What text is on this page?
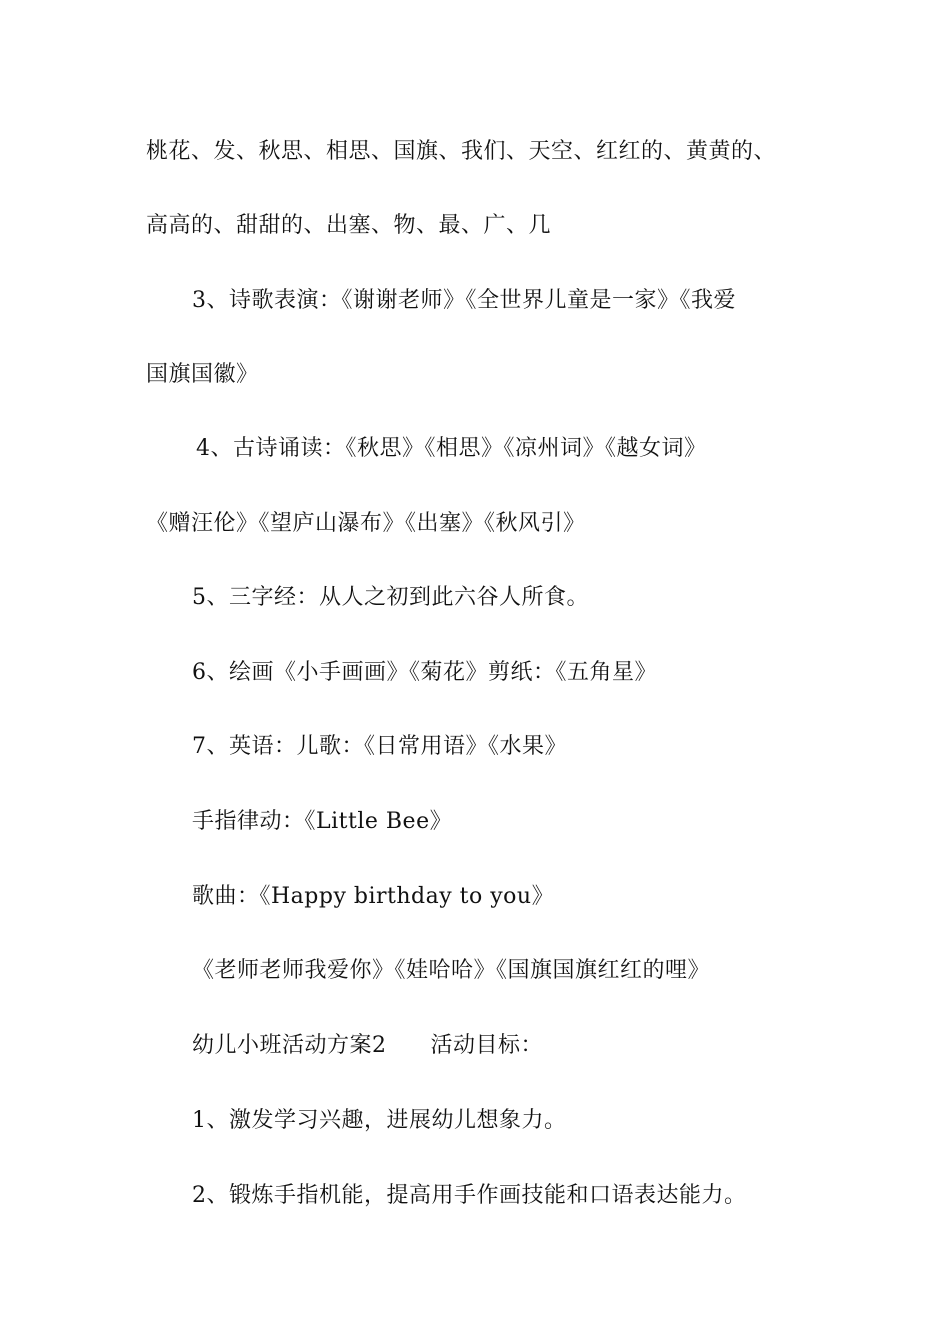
桃花、发、秋思、相思、国旗、我们、天空、红红的、黄黄的、
高高的、甜甜的、出塞、物、最、广、几
3、诗歌表演：《谢谢老师》《全世界儿童是一家》《我爱
国旗国徽》
4、古诗诵读：《秋思》《相思》《凉州词》《越女词》
《赠汪伦》《望庐山瀑布》《出塞》《秋风引》
5、三字经：从人之初到此六谷人所食。
6、绘画《小手画画》《菊花》剪纸：《五角星》
7、英语：儿歌：《日常用语》《水果》
手指律动：《Little Bee》
歌曲：《Happy birthday to you》
《老师老师我爱你》《娃哈哈》《国旗国旗红红的哩》
幼儿小班活动方案2 活动目标：
1、激发学习兴趣，进展幼儿想象力。
2、锻炼手指机能，提高用手作画技能和口语表达能力。
